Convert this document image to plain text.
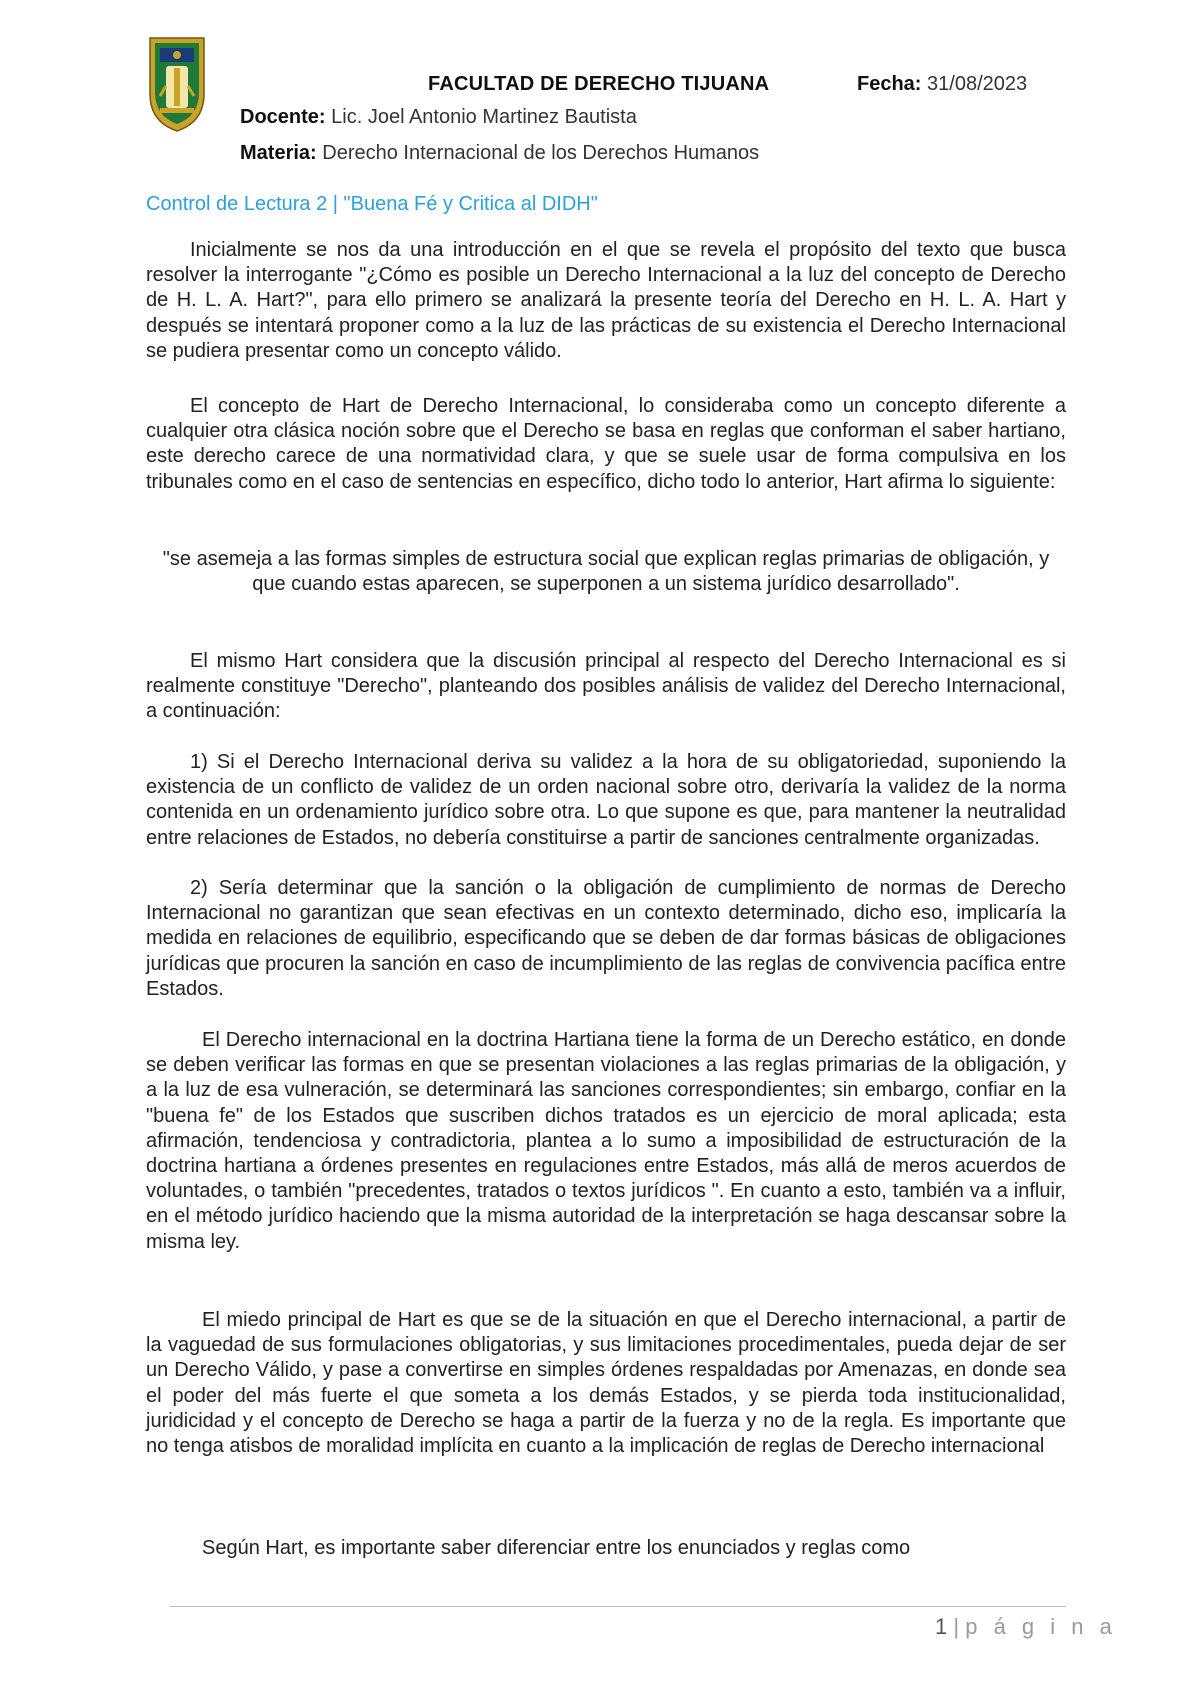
FACULTAD DE DERECHO TIJUANA	Fecha: 31/08/2023
Docente: Lic. Joel Antonio Martinez Bautista
Materia: Derecho Internacional de los Derechos Humanos
Control de Lectura 2 | "Buena Fé y Critica al DIDH"

Inicialmente se nos da una introducción en el que se revela el propósito del texto que busca resolver la interrogante "¿Cómo es posible un Derecho Internacional a la luz del concepto de Derecho de H. L. A. Hart?", para ello primero se analizará la presente teoría del Derecho en H. L. A. Hart y después se intentará proponer como a la luz de las prácticas de su existencia el Derecho Internacional se pudiera presentar como un concepto válido.

El concepto de Hart de Derecho Internacional, lo consideraba como un concepto diferente a cualquier otra clásica noción sobre que el Derecho se basa en reglas que conforman el saber hartiano, este derecho carece de una normatividad clara, y que se suele usar de forma compulsiva en los tribunales como en el caso de sentencias en específico, dicho todo lo anterior, Hart afirma lo siguiente:

"se asemeja a las formas simples de estructura social que explican reglas primarias de obligación, y que cuando estas aparecen, se superponen a un sistema jurídico desarrollado".

El mismo Hart considera que la discusión principal al respecto del Derecho Internacional es si realmente constituye "Derecho", planteando dos posibles análisis de validez del Derecho Internacional, a continuación:

1) Si el Derecho Internacional deriva su validez a la hora de su obligatoriedad, suponiendo la existencia de un conflicto de validez de un orden nacional sobre otro, derivaría la validez de la norma contenida en un ordenamiento jurídico sobre otra. Lo que supone es que, para mantener la neutralidad entre relaciones de Estados, no debería constituirse a partir de sanciones centralmente organizadas.

2) Sería determinar que la sanción o la obligación de cumplimiento de normas de Derecho Internacional no garantizan que sean efectivas en un contexto determinado, dicho eso, implicaría la medida en relaciones de equilibrio, especificando que se deben de dar formas básicas de obligaciones jurídicas que procuren la sanción en caso de incumplimiento de las reglas de convivencia pacífica entre Estados.

El Derecho internacional en la doctrina Hartiana tiene la forma de un Derecho estático, en donde se deben verificar las formas en que se presentan violaciones a las reglas primarias de la obligación, y a la luz de esa vulneración, se determinará las sanciones correspondientes; sin embargo, confiar en la "buena fe" de los Estados que suscriben dichos tratados es un ejercicio de moral aplicada; esta afirmación, tendenciosa y contradictoria, plantea a lo sumo a imposibilidad de estructuración de la doctrina hartiana a órdenes presentes en regulaciones entre Estados, más allá de meros acuerdos de voluntades, o también "precedentes, tratados o textos jurídicos ". En cuanto a esto, también va a influir, en el método jurídico haciendo que la misma autoridad de la interpretación se haga descansar sobre la misma ley.

El miedo principal de Hart es que se de la situación en que el Derecho internacional, a partir de la vaguedad de sus formulaciones obligatorias, y sus limitaciones procedimentales, pueda dejar de ser un Derecho Válido, y pase a convertirse en simples órdenes respaldadas por Amenazas, en donde sea el poder del más fuerte el que someta a los demás Estados, y se pierda toda institucionalidad, juridicidad y el concepto de Derecho se haga a partir de la fuerza y no de la regla. Es importante que no tenga atisbos de moralidad implícita en cuanto a la implicación de reglas de Derecho internacional

Según Hart, es importante saber diferenciar entre los enunciados y reglas como

1 | p á g i n a
